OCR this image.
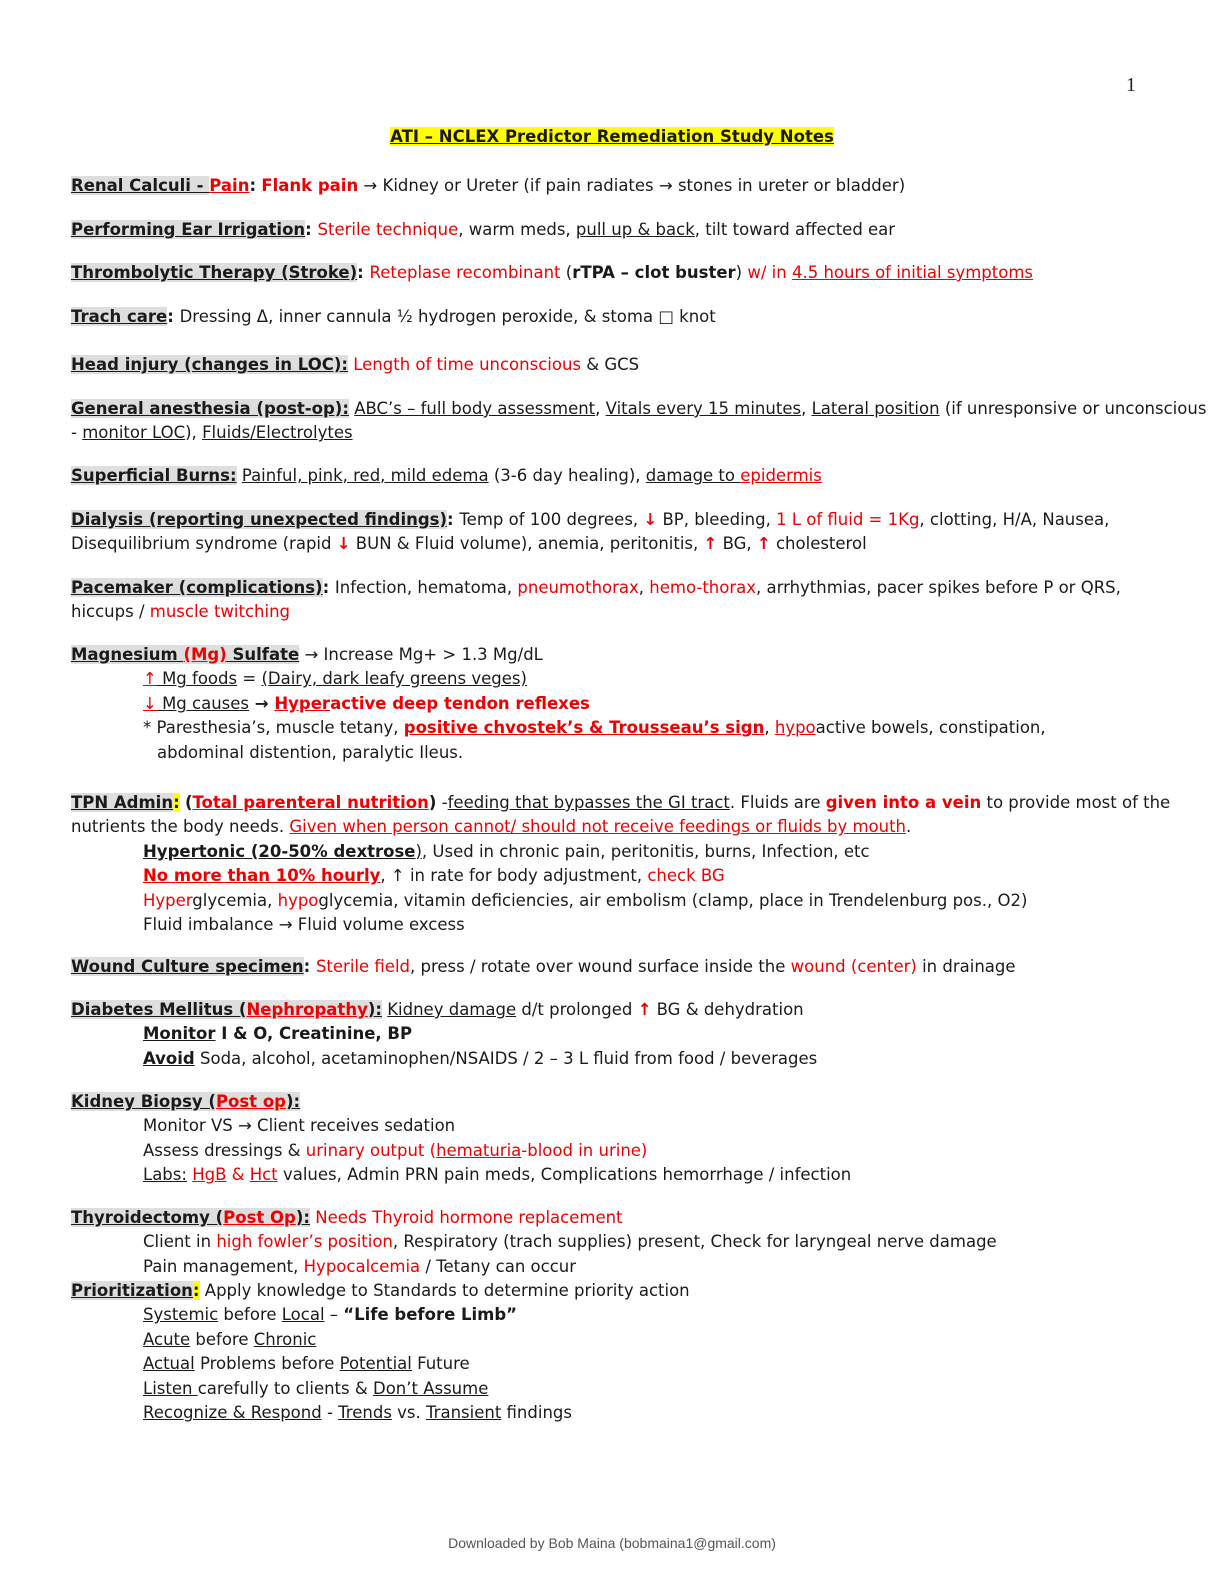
1
ATI – NCLEX Predictor Remediation Study Notes
Renal Calculi - Pain: Flank pain → Kidney or Ureter (if pain radiates → stones in ureter or bladder)
Performing Ear Irrigation: Sterile technique, warm meds, pull up & back, tilt toward affected ear
Thrombolytic Therapy (Stroke): Reteplase recombinant (rTPA – clot buster) w/ in 4.5 hours of initial symptoms
Trach care: Dressing Δ, inner cannula ½ hydrogen peroxide, & stoma □ knot
Head injury (changes in LOC): Length of time unconscious & GCS
General anesthesia (post-op): ABC’s – full body assessment, Vitals every 15 minutes, Lateral position (if unresponsive or unconscious
- monitor LOC), Fluids/Electrolytes
Superficial Burns: Painful, pink, red, mild edema (3-6 day healing), damage to epidermis
Dialysis (reporting unexpected findings): Temp of 100 degrees, ↓ BP, bleeding, 1 L of fluid = 1Kg, clotting, H/A, Nausea,
Disequilibrium syndrome (rapid ↓ BUN & Fluid volume), anemia, peritonitis, ↑ BG, ↑ cholesterol
Pacemaker (complications): Infection, hematoma, pneumothorax, hemo-thorax, arrhythmias, pacer spikes before P or QRS,
hiccups / muscle twitching
Magnesium (Mg) Sulfate → Increase Mg+ > 1.3 Mg/dL
↑ Mg foods = (Dairy, dark leafy greens veges)
↓ Mg causes → Hyperactive deep tendon reflexes
* Paresthesia’s, muscle tetany, positive chvostek’s & Trousseau’s sign, hypoactive bowels, constipation,
abdominal distention, paralytic Ileus.
TPN Admin: (Total parenteral nutrition) -feeding that bypasses the GI tract. Fluids are given into a vein to provide most of the
nutrients the body needs. Given when person cannot/ should not receive feedings or fluids by mouth.
Hypertonic (20-50% dextrose), Used in chronic pain, peritonitis, burns, Infection, etc
No more than 10% hourly, ↑ in rate for body adjustment, check BG
Hyperglycemia, hypoglycemia, vitamin deficiencies, air embolism (clamp, place in Trendelenburg pos., O2)
Fluid imbalance → Fluid volume excess
Wound Culture specimen: Sterile field, press / rotate over wound surface inside the wound (center) in drainage
Diabetes Mellitus (Nephropathy): Kidney damage d/t prolonged ↑ BG & dehydration
Monitor I & O, Creatinine, BP
Avoid Soda, alcohol, acetaminophen/NSAIDS / 2 – 3 L fluid from food / beverages
Kidney Biopsy (Post op):
Monitor VS → Client receives sedation
Assess dressings & urinary output (hematuria-blood in urine)
Labs: HgB & Hct values, Admin PRN pain meds, Complications hemorrhage / infection
Thyroidectomy (Post Op): Needs Thyroid hormone replacement
Client in high fowler’s position, Respiratory (trach supplies) present, Check for laryngeal nerve damage
Pain management, Hypocalcemia / Tetany can occur
Prioritization: Apply knowledge to Standards to determine priority action
Systemic before Local – “Life before Limb”
Acute before Chronic
Actual Problems before Potential Future
Listen carefully to clients & Don’t Assume
Recognize & Respond - Trends vs. Transient findings
Downloaded by Bob Maina (bobmaina1@gmail.com)
